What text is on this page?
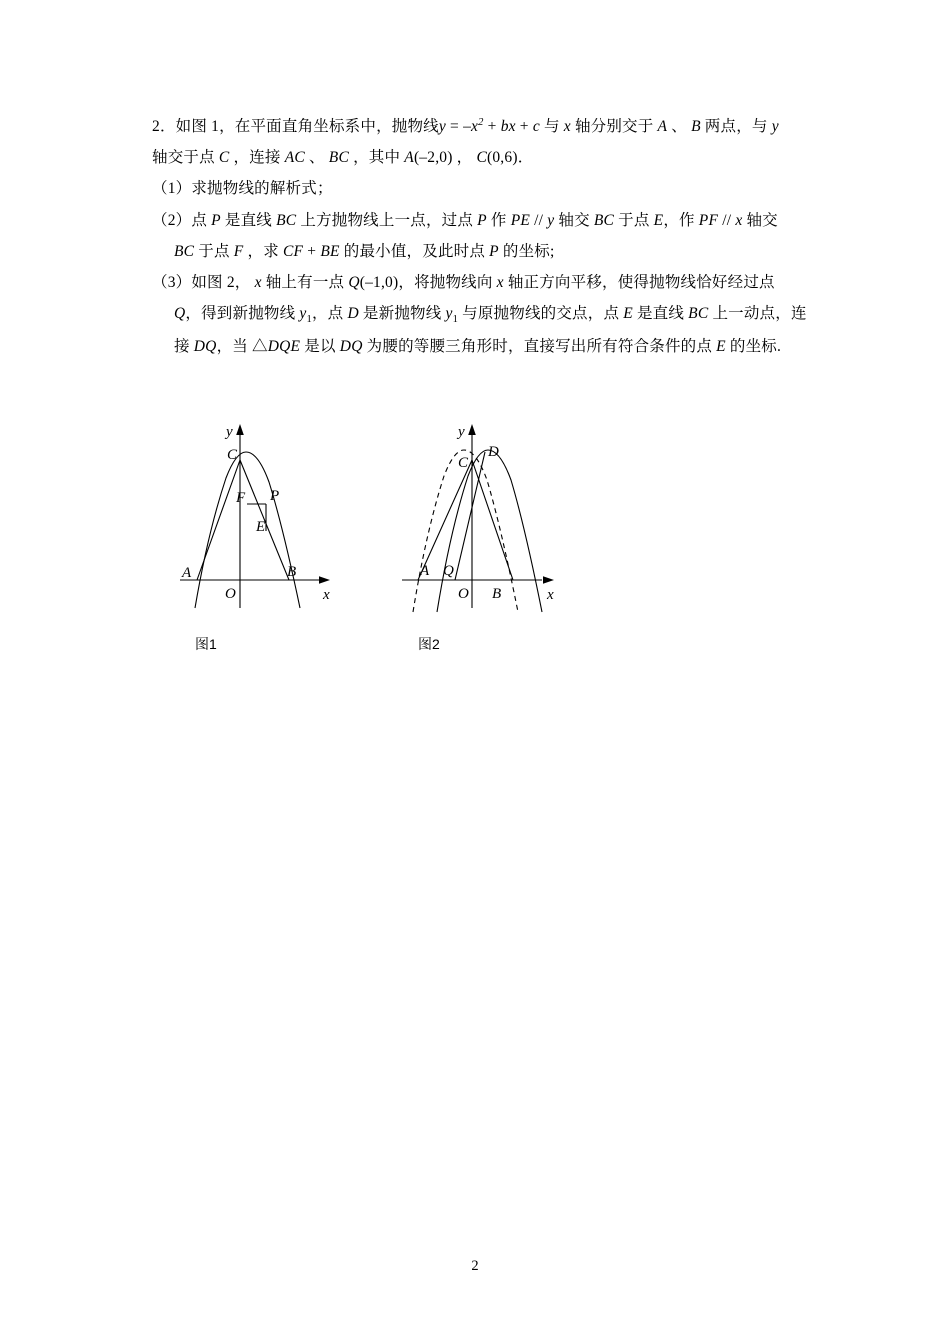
2．如图 1，在平面直角坐标系中，抛物线$y = -x^2$ + bx + c 与 x 轴分别交于 A 、 B 两点，与 y

轴交于点 C ，连接 AC 、 BC ，其中 A(–2,0) ， C(0,6)．

（1）求抛物线的解析式；

（2）点 P 是直线 BC 上方抛物线上一点，过点 P 作 PE // y 轴交 BC 于点 E，作 PF // x 轴交

BC 于点 F ，求 CF + BE 的最小值，及此时点 P 的坐标;

（3）如图 2， x 轴上有一点 Q(–1,0)，将抛物线向 x 轴正方向平移，使得抛物线恰好经过点

Q，得到新抛物线 $y_1$，点 D 是新抛物线 $y_1$ 与原抛物线的交点，点 E 是直线 BC 上一动点，连

接 DQ，当 △DQE 是以 DQ 为腰的等腰三角形时，直接写出所有符合条件的点 E 的坐标.

C
F P
E
A	B
O	x
y
图1
D
C
A Q
B
O	x
y
图2
2
